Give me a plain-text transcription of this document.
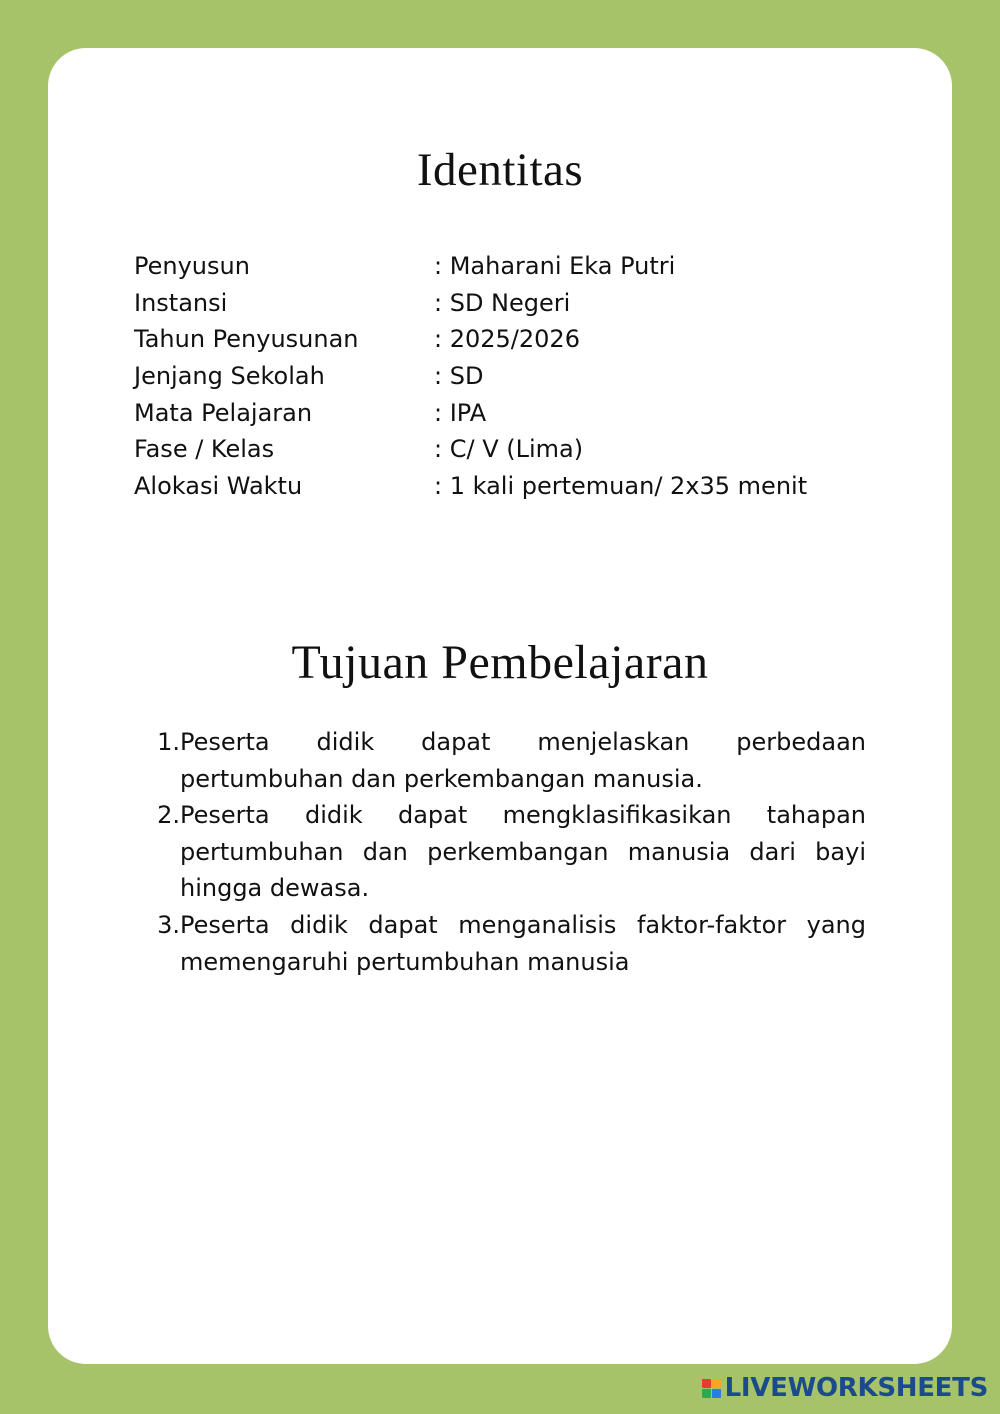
Identitas
Penyusun	: Maharani Eka Putri
Instansi	: SD Negeri
Tahun Penyusunan	: 2025/2026
Jenjang Sekolah	: SD
Mata Pelajaran	: IPA
Fase / Kelas	: C/ V (Lima)
Alokasi Waktu	: 1 kali pertemuan/ 2x35 menit
Tujuan Pembelajaran
1. Peserta didik dapat menjelaskan perbedaan pertumbuhan dan perkembangan manusia.
2. Peserta didik dapat mengklasifikasikan tahapan pertumbuhan dan perkembangan manusia dari bayi hingga dewasa.
3. Peserta didik dapat menganalisis faktor-faktor yang memengaruhi pertumbuhan manusia
LIVEWORKSHEETS
